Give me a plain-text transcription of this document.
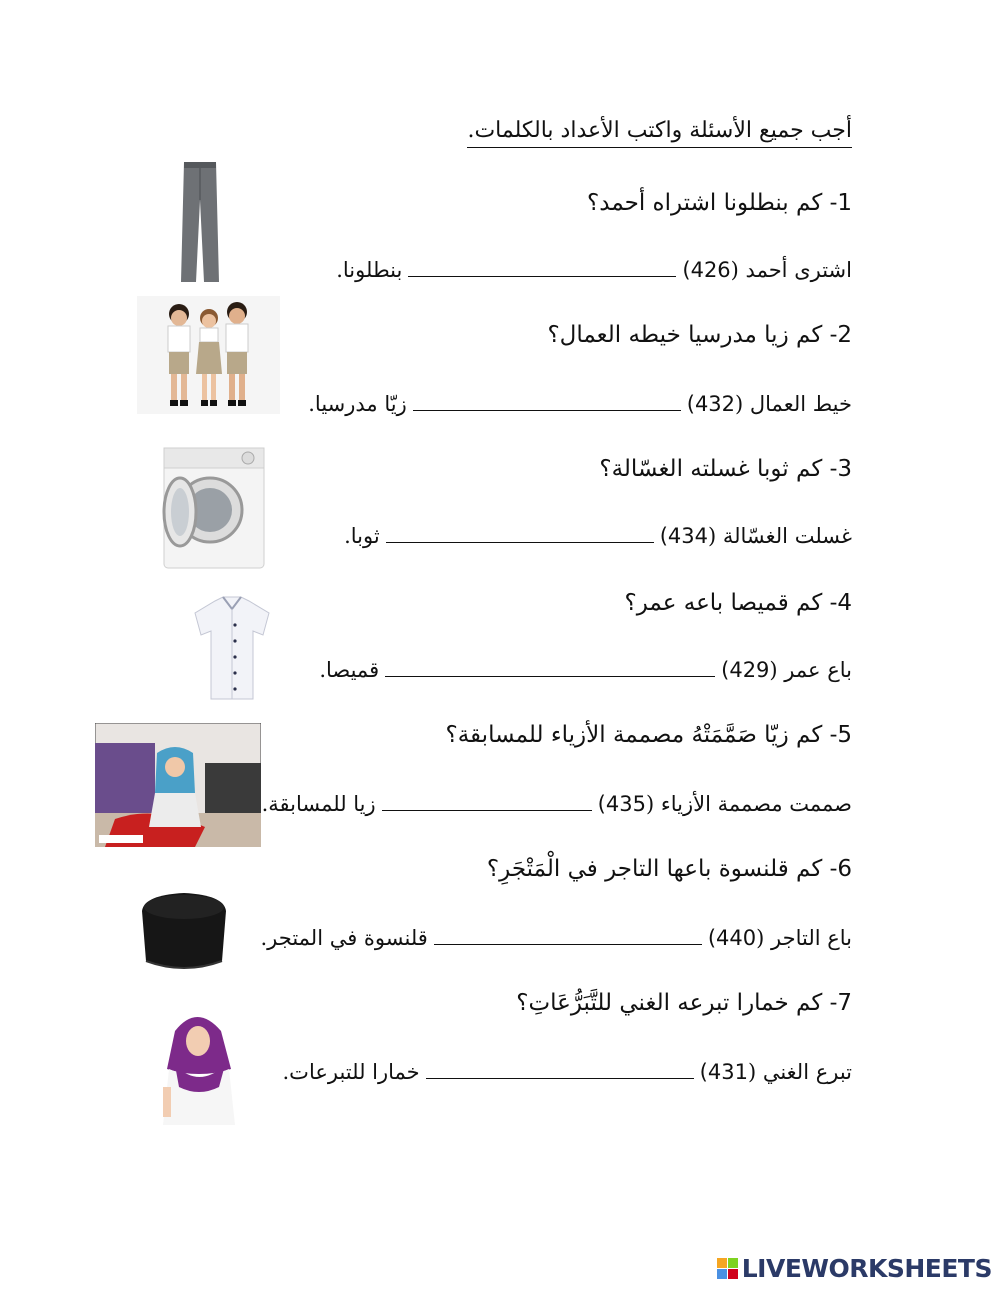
أجب جميع الأسئلة واكتب الأعداد بالكلمات.
1- كم بنطلونا اشتراه أحمد؟
اشترى أحمد (426)بنطلونا.
2- كم زيا مدرسيا خيطه العمال؟
خيط العمال (432)زيّا مدرسيا.
3- كم ثوبا غسلته الغسّالة؟
غسلت الغسّالة (434)ثوبا.
4- كم قميصا باعه عمر؟
باع عمر (429)قميصا.
5- كم زيّا صَمَّمَتْهُ مصممة الأزياء للمسابقة؟
صممت مصممة الأزياء (435)زيا للمسابقة.
6- كم قلنسوة باعها التاجر في الْمَتْجَرِ؟
باع التاجر (440)قلنسوة في المتجر.
7- كم خمارا تبرعه الغني للتَّبَرُّعَاتِ؟
تبرع الغني (431)خمارا للتبرعات.
LIVEWORKSHEETS
